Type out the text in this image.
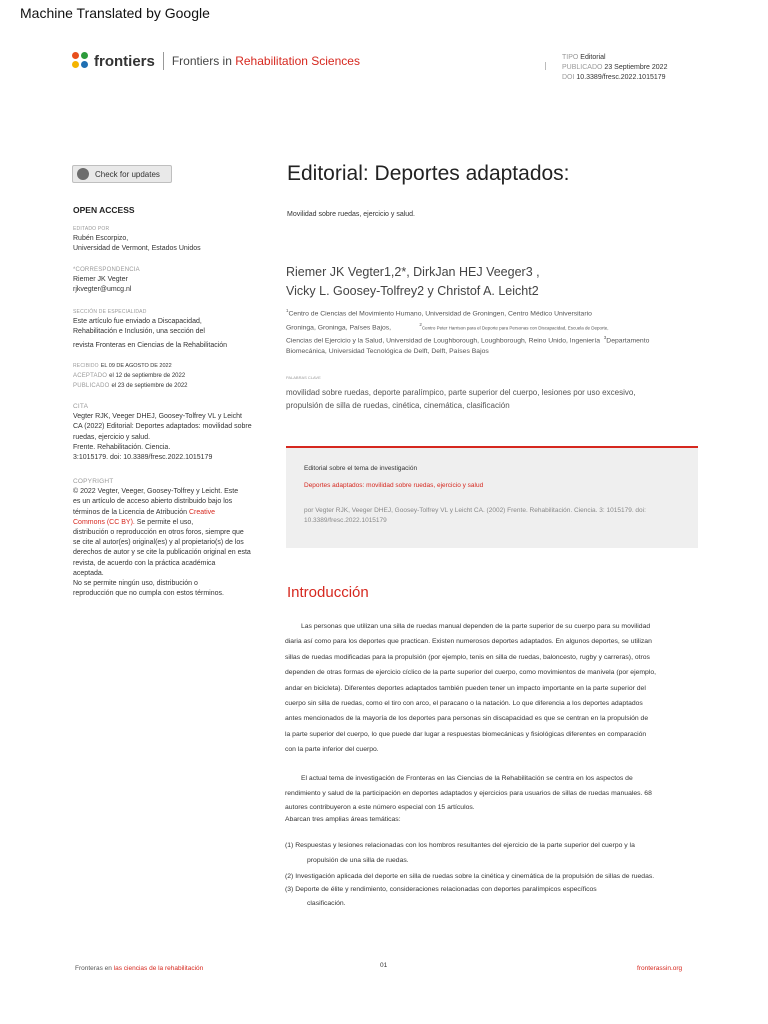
Machine Translated by Google
frontiers Frontiers in Rehabilitation Sciences	TIPO Editorial
PUBLICADO 23 Septiembre 2022
DOI 10.3389/fresc.2022.1015179
Check for updates	Editorial: Deportes adaptados:
Movilidad sobre ruedas, ejercicio y salud.
OPEN ACCESS
EDITADO POR
Rubén Escorpizo,
Universidad de Vermont, Estados Unidos
*CORRESPONDENCIA
Riemer JK Vegter
rjkvegter@umcg.nl
SECCIÓN DE ESPECIALIDAD
Este artículo fue enviado a Discapacidad,
Rehabilitación e Inclusión, una sección del
revista Fronteras en Ciencias de la Rehabilitación
RECIBIDO EL 09 DE AGOSTO DE 2022
ACEPTADO el 12 de septiembre de 2022
PUBLICADO el 23 de septiembre de 2022
CITA
Vegter RJK, Veeger DHEJ, Goosey-Tolfrey VL y Leicht
CA (2022) Editorial: Deportes adaptados: movilidad sobre
ruedas, ejercicio y salud.
Frente. Rehabilitación. Ciencia.
3:1015179. doi: 10.3389/fresc.2022.1015179
COPYRIGHT
© 2022 Vegter, Veeger, Goosey-Tolfrey y Leicht. Este
es un artículo de acceso abierto distribuido bajo los
términos de la Licencia de Atribución Creative
Commons (CC BY). Se permite el uso,
distribución o reproducción en otros foros, siempre que
se cite al autor(es) original(es) y al propietario(s) de los
derechos de autor y se cite la publicación original en esta
revista, de acuerdo con la práctica académica
aceptada.
No se permite ningún uso, distribución o
reproducción que no cumpla con estos términos.
Riemer JK Vegter1,2*, DirkJan HEJ Veeger3 ,
Vicky L. Goosey-Tolfrey2 y Christof A. Leicht2
$^1$Centro de Ciencias del Movimiento Humano, Universidad de Groningen, Centro Médico Universitario
Groninga, Groninga, Países Bajos,	$^2$Centro Peter Harrison para el Deporte para Personas con Discapacidad, Escuela de Deporte,
Ciencias del Ejercicio y la Salud, Universidad de Loughborough, Loughborough, Reino Unido, Ingeniería $^3$Departamento
Biomecánica, Universidad Tecnológica de Delft, Delft, Países Bajos
PALABRAS CLAVE
movilidad sobre ruedas, deporte paralímpico, parte superior del cuerpo, lesiones por uso excesivo,
propulsión de silla de ruedas, cinética, cinemática, clasificación
Editorial sobre el tema de investigación
Deportes adaptados: movilidad sobre ruedas, ejercicio y salud
por Vegter RJK, Veeger DHEJ, Goosey-Tolfrey VL y Leicht CA. (2002) Frente. Rehabilitación. Ciencia. 3: 1015179. doi: 10.3389/fresc.2022.1015179
Introducción
Las personas que utilizan una silla de ruedas manual dependen de la parte superior de su cuerpo para su movilidad
diaria así como para los deportes que practican. Existen numerosos deportes adaptados. En algunos deportes, se utilizan
sillas de ruedas modificadas para la propulsión (por ejemplo, tenis en silla de ruedas, baloncesto, rugby y carreras), otros
dependen de otras formas de ejercicio cíclico de la parte superior del cuerpo, como movimientos de manivela (por ejemplo,
andar en bicicleta). Diferentes deportes adaptados también pueden tener un impacto importante en la parte superior del
cuerpo sin silla de ruedas, como el tiro con arco, el paracano o la natación. Lo que diferencia a los deportes adaptados
antes mencionados de la mayoría de los deportes para personas sin discapacidad es que se centran en la propulsión de
la parte superior del cuerpo, lo que puede dar lugar a respuestas biomecánicas y fisiológicas diferentes en comparación
con la parte inferior del cuerpo.
El actual tema de investigación de Fronteras en las Ciencias de la Rehabilitación se centra en los aspectos de
rendimiento y salud de la participación en deportes adaptados y ejercicios para usuarios de sillas de ruedas manuales. 68
autores contribuyeron a este número especial con 15 artículos.
Abarcan tres amplias áreas temáticas:
(1) Respuestas y lesiones relacionadas con los hombros resultantes del ejercicio de la parte superior del cuerpo y la
propulsión de una silla de ruedas.
(2) Investigación aplicada del deporte en silla de ruedas sobre la cinética y cinemática de la propulsión de sillas de ruedas.
(3) Deporte de élite y rendimiento, consideraciones relacionadas con deportes paralímpicos específicos
clasificación.
Fronteras en las ciencias de la rehabilitación	01	fronterassin.org
